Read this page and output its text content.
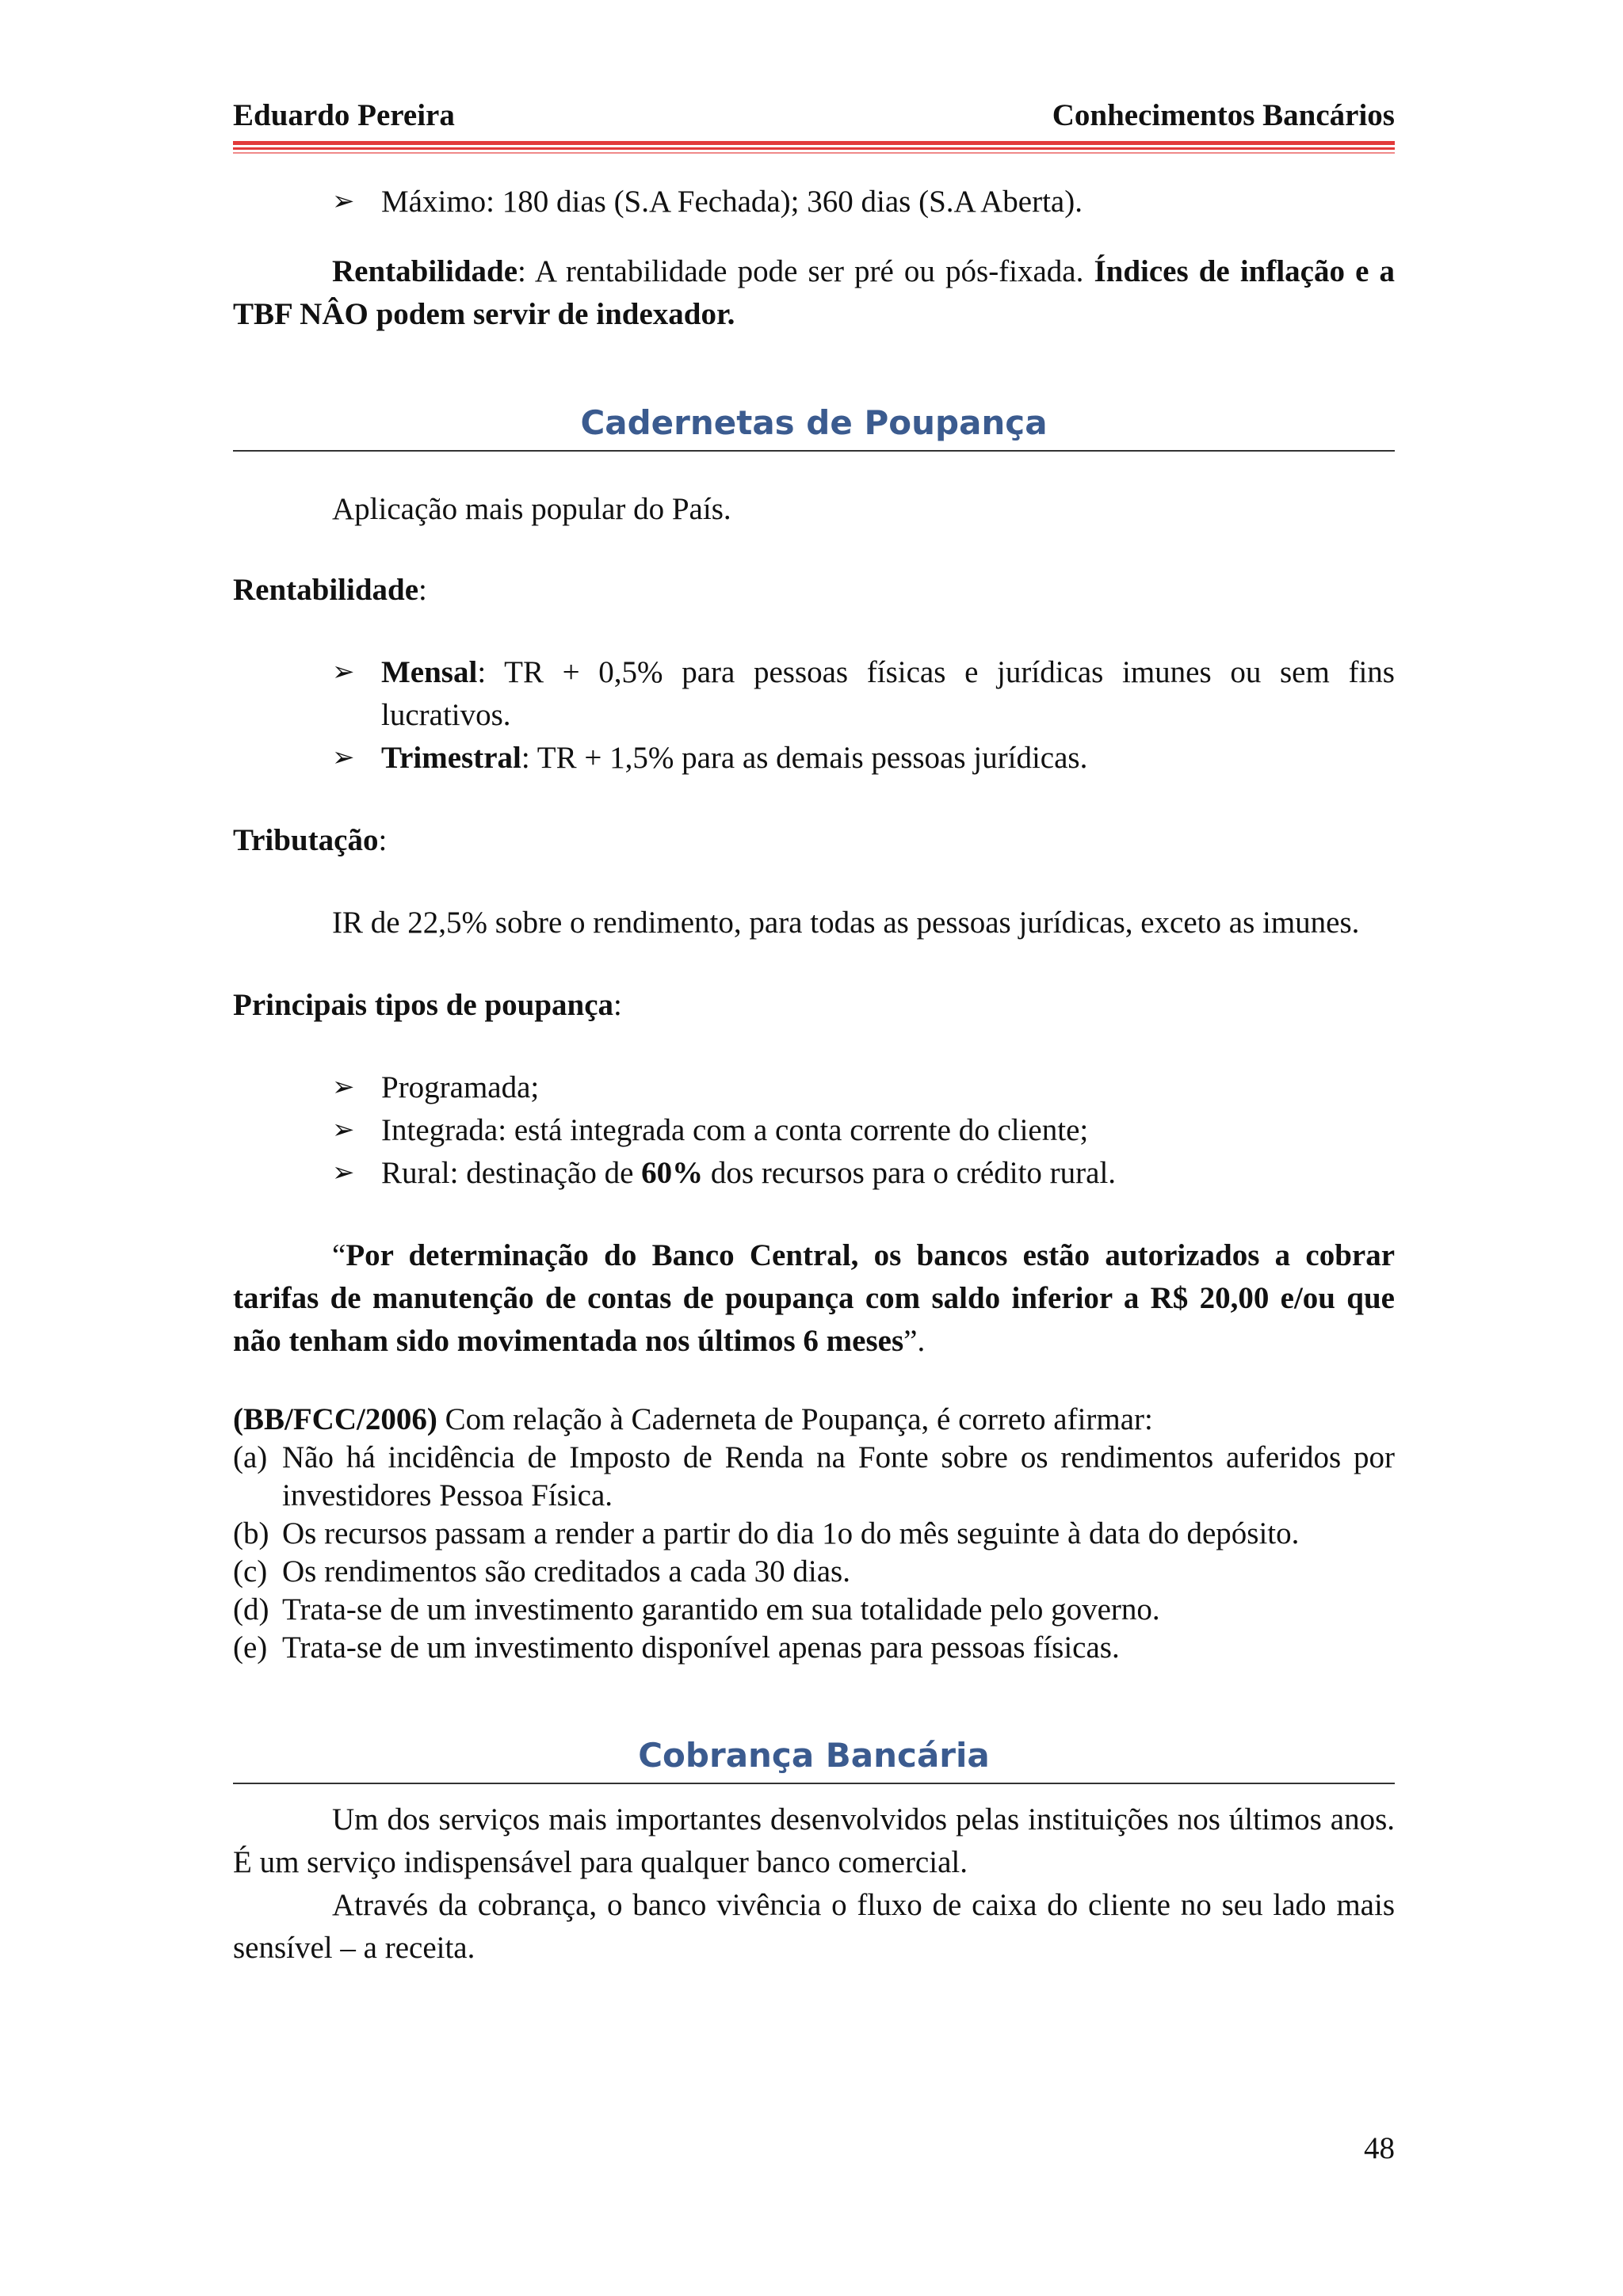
Eduardo Pereira	Conhecimentos Bancários
➢ Máximo: 180 dias (S.A Fechada); 360 dias (S.A Aberta).

Rentabilidade: A rentabilidade pode ser pré ou pós-fixada. Índices de inflação e a TBF NÂO podem servir de indexador.

Cadernetas de Poupança

Aplicação mais popular do País.

Rentabilidade:

➢ Mensal: TR + 0,5% para pessoas físicas e jurídicas imunes ou sem fins lucrativos.
➢ Trimestral: TR + 1,5% para as demais pessoas jurídicas.

Tributação:

IR de 22,5% sobre o rendimento, para todas as pessoas jurídicas, exceto as imunes.

Principais tipos de poupança:

➢ Programada;
➢ Integrada: está integrada com a conta corrente do cliente;
➢ Rural: destinação de 60% dos recursos para o crédito rural.

“Por determinação do Banco Central, os bancos estão autorizados a cobrar tarifas de manutenção de contas de poupança com saldo inferior a R$ 20,00 e/ou que não tenham sido movimentada nos últimos 6 meses”.

(BB/FCC/2006) Com relação à Caderneta de Poupança, é correto afirmar:

(a) Não há incidência de Imposto de Renda na Fonte sobre os rendimentos auferidos por investidores Pessoa Física.
(b) Os recursos passam a render a partir do dia 1o do mês seguinte à data do depósito.
(c) Os rendimentos são creditados a cada 30 dias.
(d) Trata-se de um investimento garantido em sua totalidade pelo governo.
(e) Trata-se de um investimento disponível apenas para pessoas físicas.
Cobrança Bancária

Um dos serviços mais importantes desenvolvidos pelas instituições nos últimos anos. É um serviço indispensável para qualquer banco comercial.

Através da cobrança, o banco vivência o fluxo de caixa do cliente no seu lado mais sensível – a receita.

48
